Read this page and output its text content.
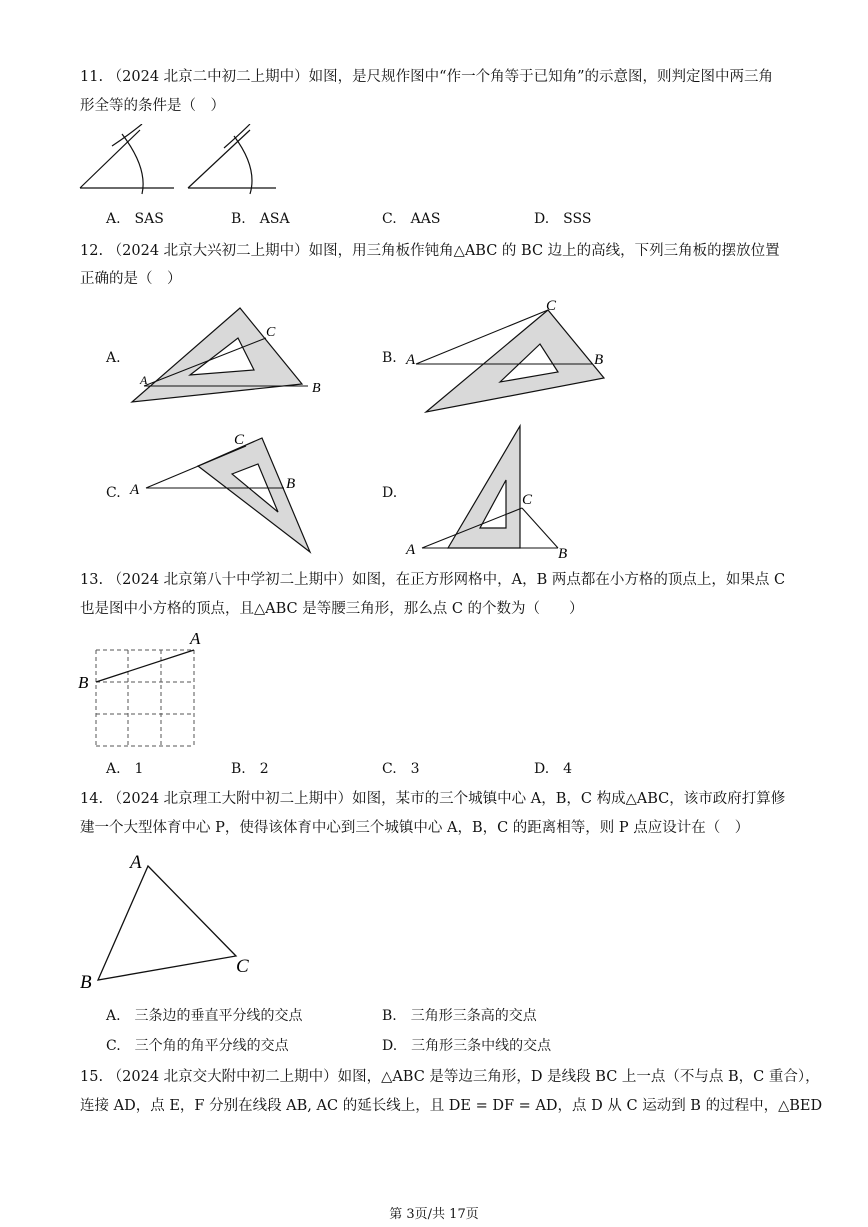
11. （2024 北京二中初二上期中）如图，是尺规作图中“作一个角等于已知角”的示意图，则判定图中两三角
形全等的条件是（　）
A.　SAS	B.　ASA	C.　AAS	D.　SSS
12. （2024 北京大兴初二上期中）如图，用三角板作钝角△ABC 的 BC 边上的高线，下列三角板的摆放位置
正确的是（　）
A.
A
C
B
B. A
C
B
C. A
C
B
D.
A
C
B
13. （2024 北京第八十中学初二上期中）如图，在正方形网格中，A，B 两点都在小方格的顶点上，如果点 C
也是图中小方格的顶点，且△ABC 是等腰三角形，那么点 C 的个数为（　　）
A
B
A.　1	B.　2	C.　3	D.　4
14. （2024 北京理工大附中初二上期中）如图，某市的三个城镇中心 A，B，C 构成△ABC，该市政府打算修
建一个大型体育中心 P，使得该体育中心到三个城镇中心 A，B，C 的距离相等，则 P 点应设计在（　）
A
B
C
A.　三条边的垂直平分线的交点	B.　三角形三条高的交点
C.　三个角的角平分线的交点	D.　三角形三条中线的交点
15. （2024 北京交大附中初二上期中）如图，△ABC 是等边三角形，D 是线段 BC 上一点（不与点 B，C 重合），
连接 AD，点 E，F 分别在线段 AB, AC 的延长线上，且 DE = DF = AD，点 D 从 C 运动到 B 的过程中，△BED
第 3页/共 17页
